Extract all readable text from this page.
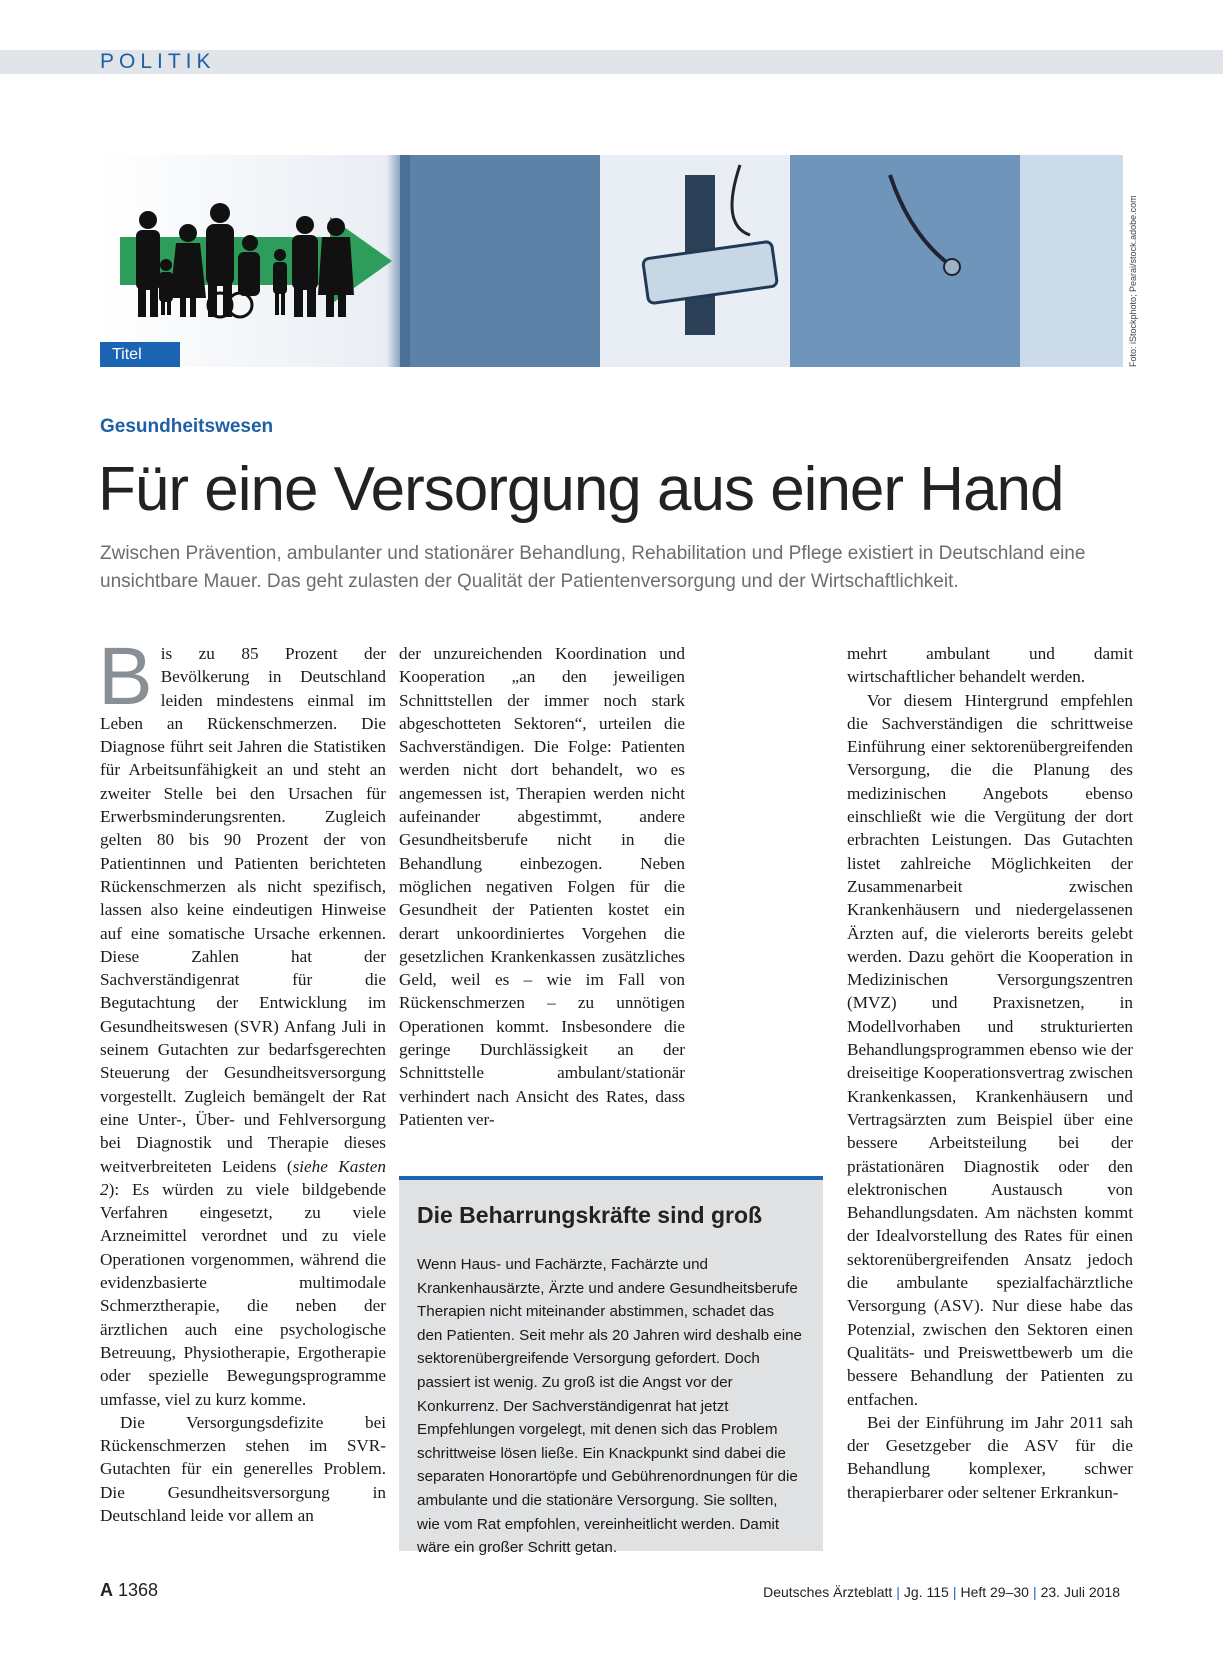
POLITIK
Titel	Foto: iStockphoto; Pearai/stock.adobe.com
Gesundheitswesen
Für eine Versorgung aus einer Hand

Zwischen Prävention, ambulanter und stationärer Behandlung, Rehabilitation und Pflege existiert in Deutschland eine unsichtbare Mauer. Das geht zulasten der Qualität der Patientenversorgung und der Wirtschaftlichkeit.

Bis zu 85 Prozent der Bevölkerung in Deutschland leiden mindestens einmal im Leben an Rückenschmerzen. Die Diagnose führt seit Jahren die Statistiken für Arbeitsunfähigkeit an und steht an zweiter Stelle bei den Ursachen für Erwerbsminderungsrenten. Zugleich gelten 80 bis 90 Prozent der von Patientinnen und Patienten berichteten Rückenschmerzen als nicht spezifisch, lassen also keine eindeutigen Hinweise auf eine somatische Ursache erkennen. Diese Zahlen hat der Sachverständigenrat für die Begutachtung der Entwicklung im Gesundheitswesen (SVR) Anfang Juli in seinem Gutachten zur bedarfsgerechten Steuerung der Gesundheitsversorgung vorgestellt. Zugleich bemängelt der Rat eine Unter-, Über- und Fehlversorgung bei Diagnostik und Therapie dieses weitverbreiteten Leidens (siehe Kasten 2): Es würden zu viele bildgebende Verfahren eingesetzt, zu viele Arzneimittel verordnet und zu viele Operationen vorgenommen, während die evidenzbasierte multimodale Schmerztherapie, die neben der ärztlichen auch eine psychologische Betreuung, Physiotherapie, Ergotherapie oder spezielle Bewegungsprogramme umfasse, viel zu kurz komme.

Die Versorgungsdefizite bei Rückenschmerzen stehen im SVR-Gutachten für ein generelles Problem. Die Gesundheitsversorgung in Deutschland leide vor allem an

der unzureichenden Koordination und Kooperation „an den jeweiligen Schnittstellen der immer noch stark abgeschotteten Sektoren“, urteilen die Sachverständigen. Die Folge: Patienten werden nicht dort behandelt, wo es angemessen ist, Therapien werden nicht aufeinander abgestimmt, andere Gesundheitsberufe nicht in die Behandlung einbezogen. Neben möglichen negativen Folgen für die Gesundheit der Patienten kostet ein derart unkoordiniertes Vorgehen die gesetzlichen Krankenkassen zusätzliches Geld, weil es – wie im Fall von Rückenschmerzen – zu unnötigen Operationen kommt. Insbesondere die geringe Durchlässigkeit an der Schnittstelle ambulant/stationär verhindert nach Ansicht des Rates, dass Patienten ver-

Die Beharrungskräfte sind groß

Wenn Haus- und Fachärzte, Fachärzte und Krankenhausärzte, Ärzte und andere Gesundheitsberufe Therapien nicht miteinander abstimmen, schadet das den Patienten. Seit mehr als 20 Jahren wird deshalb eine sektorenübergreifende Versorgung gefordert. Doch passiert ist wenig. Zu groß ist die Angst vor der Konkurrenz. Der Sachverständigenrat hat jetzt Empfehlungen vorgelegt, mit denen sich das Problem schrittweise lösen ließe. Ein Knackpunkt sind dabei die separaten Honorartöpfe und Gebührenordnungen für die ambulante und die stationäre Versorgung. Sie sollten, wie vom Rat empfohlen, vereinheitlicht werden. Damit wäre ein großer Schritt getan.

mehrt ambulant und damit wirtschaftlicher behandelt werden.

Vor diesem Hintergrund empfehlen die Sachverständigen die schrittweise Einführung einer sektorenübergreifenden Versorgung, die die Planung des medizinischen Angebots ebenso einschließt wie die Vergütung der dort erbrachten Leistungen. Das Gutachten listet zahlreiche Möglichkeiten der Zusammenarbeit zwischen Krankenhäusern und niedergelassenen Ärzten auf, die vielerorts bereits gelebt werden. Dazu gehört die Kooperation in Medizinischen Versorgungszentren (MVZ) und Praxisnetzen, in Modellvorhaben und strukturierten Behandlungsprogrammen ebenso wie der dreiseitige Kooperationsvertrag zwischen Krankenkassen, Krankenhäusern und Vertragsärzten zum Beispiel über eine bessere Arbeitsteilung bei der prästationären Diagnostik oder den elektronischen Austausch von Behandlungsdaten. Am nächsten kommt der Idealvorstellung des Rates für einen sektorenübergreifenden Ansatz jedoch die ambulante spezialfachärztliche Versorgung (ASV). Nur diese habe das Potenzial, zwischen den Sektoren einen Qualitäts- und Preiswettbewerb um die bessere Behandlung der Patienten zu entfachen.

Bei der Einführung im Jahr 2011 sah der Gesetzgeber die ASV für die Behandlung komplexer, schwer therapierbarer oder seltener Erkrankun-

A 1368	Deutsches Ärzteblatt | Jg. 115 | Heft 29–30 | 23. Juli 2018
